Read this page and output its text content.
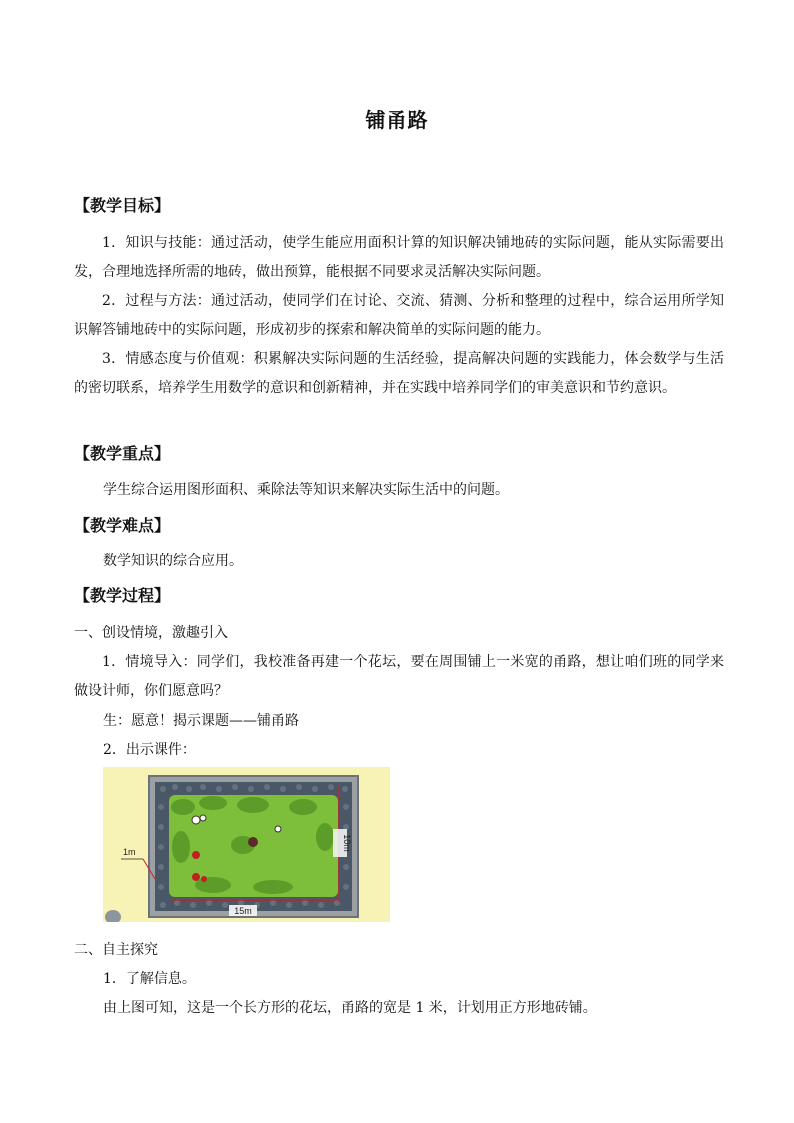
铺甬路
【教学目标】

1．知识与技能：通过活动，使学生能应用面积计算的知识解决铺地砖的实际问题，能从实际需要出发，合理地选择所需的地砖，做出预算，能根据不同要求灵活解决实际问题。

2．过程与方法：通过活动，使同学们在讨论、交流、猜测、分析和整理的过程中，综合运用所学知识解答铺地砖中的实际问题，形成初步的探索和解决简单的实际问题的能力。

3．情感态度与价值观：积累解决实际问题的生活经验，提高解决问题的实践能力，体会数学与生活的密切联系，培养学生用数学的意识和创新精神，并在实践中培养同学们的审美意识和节约意识。

【教学重点】
学生综合运用图形面积、乘除法等知识来解决实际生活中的问题。
【教学难点】
数学知识的综合应用。
【教学过程】
一、创设情境，激趣引入

1．情境导入：同学们，我校准备再建一个花坛，要在周围铺上一米宽的甬路，想让咱们班的同学来做设计师，你们愿意吗？

生：愿意！揭示课题——铺甬路
2．出示课件：
10m
15m
1m
二、自主探究
1．了解信息。
由上图可知，这是一个长方形的花坛，甬路的宽是 1 米，计划用正方形地砖铺。
